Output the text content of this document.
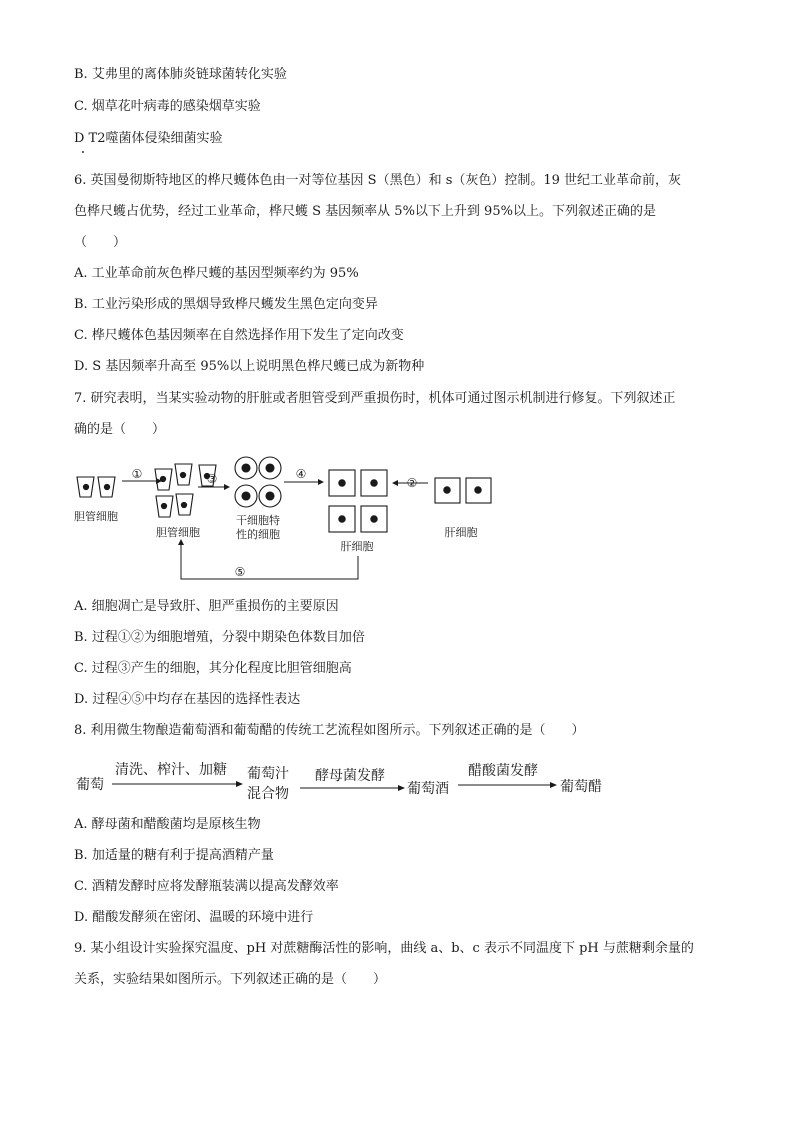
B. 艾弗里的离体肺炎链球菌转化实验
C. 烟草花叶病毒的感染烟草实验
D T2噬菌体侵染细菌实验
6. 英国曼彻斯特地区的桦尺蠖体色由一对等位基因 S（黑色）和 s（灰色）控制。19 世纪工业革命前，灰
色桦尺蠖占优势，经过工业革命，桦尺蠖 S 基因频率从 5%以下上升到 95%以上。下列叙述正确的是
（　　）
A. 工业革命前灰色桦尺蠖的基因型频率约为 95%
B. 工业污染形成的黑烟导致桦尺蠖发生黑色定向变异
C. 桦尺蠖体色基因频率在自然选择作用下发生了定向改变
D. S 基因频率升高至 95%以上说明黑色桦尺蠖已成为新物种
7. 研究表明，当某实验动物的肝脏或者胆管受到严重损伤时，机体可通过图示机制进行修复。下列叙述正
确的是（　　）
胆管细胞
①
胆管细胞
③
干细胞特
性的细胞
④
肝细胞
②
肝细胞
⑤
A. 细胞凋亡是导致肝、胆严重损伤的主要原因
B. 过程①②为细胞增殖，分裂中期染色体数目加倍
C. 过程③产生的细胞，其分化程度比胆管细胞高
D. 过程④⑤中均存在基因的选择性表达
8. 利用微生物酿造葡萄酒和葡萄醋的传统工艺流程如图所示。下列叙述正确的是（　　）
葡萄
清洗、榨汁、加糖 葡萄汁
混合物
酵母菌发酵
葡萄酒
醋酸菌发酵
葡萄醋
A. 酵母菌和醋酸菌均是原核生物
B. 加适量的糖有利于提高酒精产量
C. 酒精发酵时应将发酵瓶装满以提高发酵效率
D. 醋酸发酵须在密闭、温暖的环境中进行
9. 某小组设计实验探究温度、pH 对蔗糖酶活性的影响，曲线 a、b、c 表示不同温度下 pH 与蔗糖剩余量的
关系，实验结果如图所示。下列叙述正确的是（　　）
